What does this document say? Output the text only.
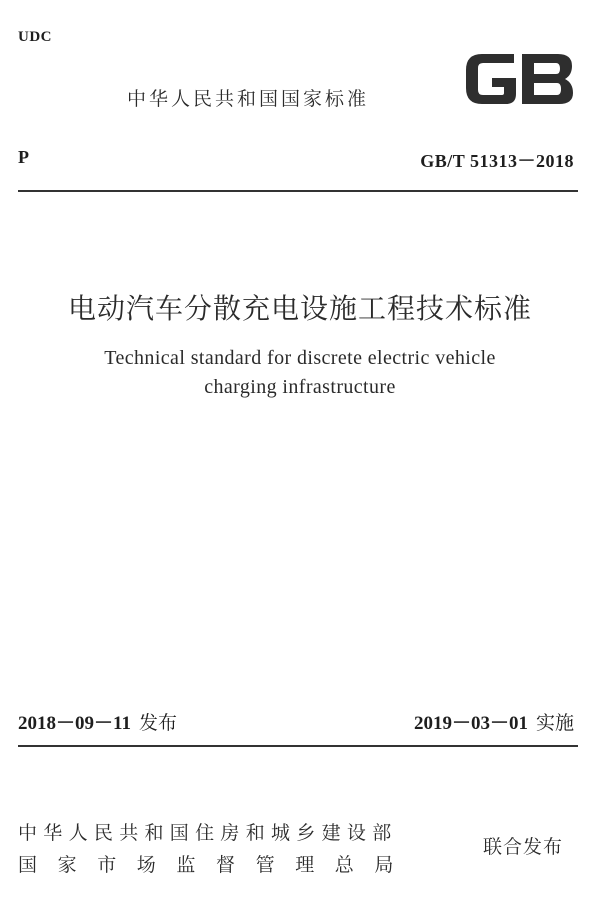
UDC
中华人民共和国国家标准
P	GB/T 51313－2018
电动汽车分散充电设施工程技术标准
Technical standard for discrete electric vehicle
charging infrastructure
2018－09－11 发布	2019－03－01 实施
中华人民共和国住房和城乡建设部
国家市场监督管理总局
联合发布
